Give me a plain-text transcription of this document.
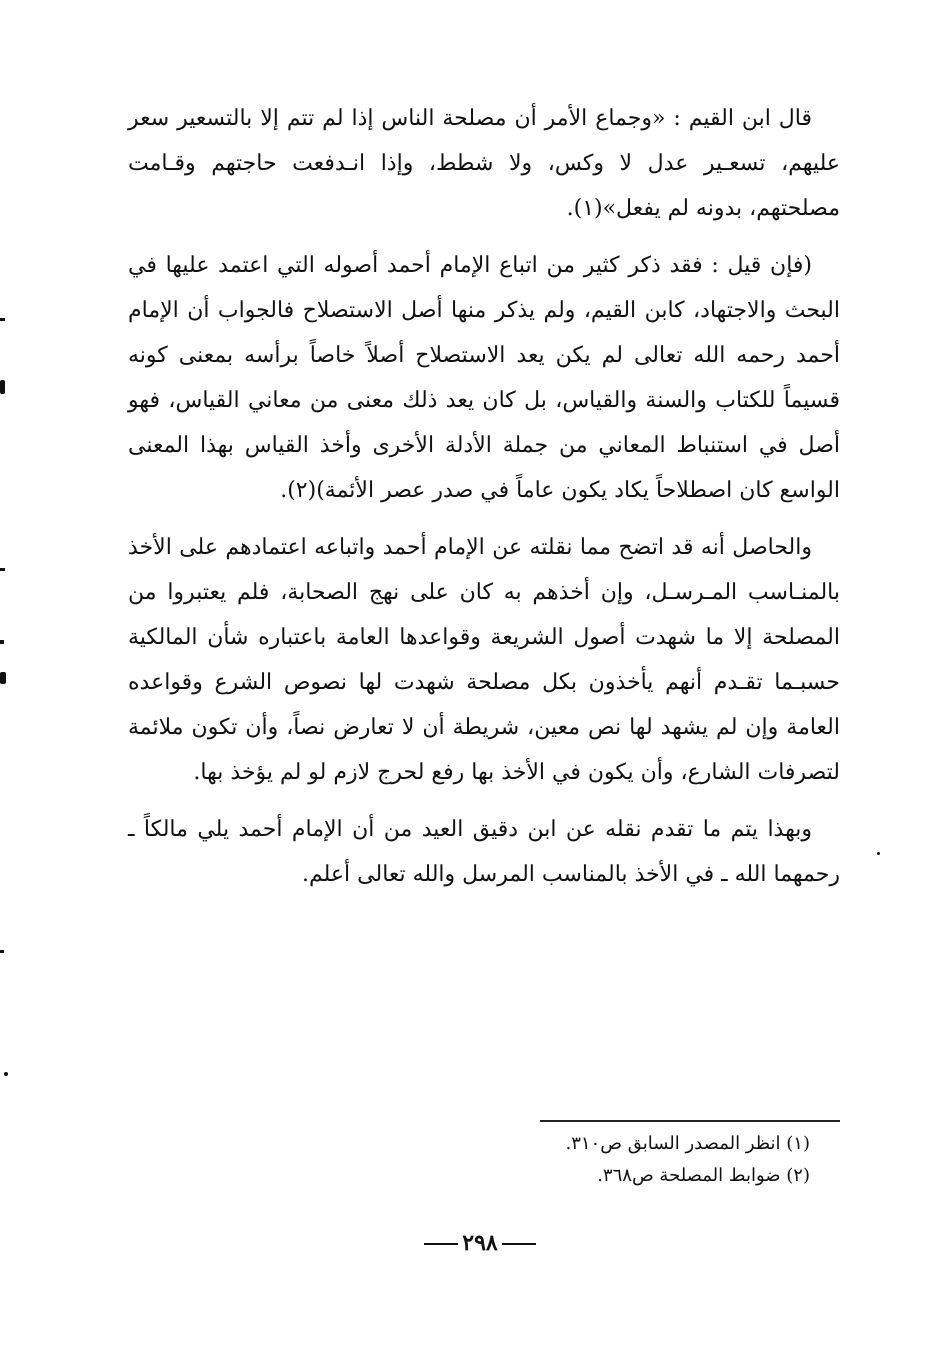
قال ابن القيم : «وجماع الأمر أن مصلحة الناس إذا لم تتم إلا بالتسعير سعر عليهم، تسعـير عدل لا وكس، ولا شطط، وإذا انـدفعت حاجتهم وقـامت مصلحتهم، بدونه لم يفعل»(١).

(فإن قيل : فقد ذكر كثير من اتباع الإمام أحمد أصوله التي اعتمد عليها في البحث والاجتهاد، كابن القيم، ولم يذكر منها أصل الاستصلاح فالجواب أن الإمام أحمد رحمه الله تعالى لم يكن يعد الاستصلاح أصلاً خاصاً برأسه بمعنى كونه قسيماً للكتاب والسنة والقياس، بل كان يعد ذلك معنى من معاني القياس، فهو أصل في استنباط المعاني من جملة الأدلة الأخرى وأخذ القياس بهذا المعنى الواسع كان اصطلاحاً يكاد يكون عاماً في صدر عصر الأئمة)(٢).

والحاصل أنه قد اتضح مما نقلته عن الإمام أحمد واتباعه اعتمادهم على الأخذ بالمنـاسب المـرسـل، وإن أخذهم به كان على نهج الصحابة، فلم يعتبروا من المصلحة إلا ما شهدت أصول الشريعة وقواعدها العامة باعتباره شأن المالكية حسبـما تقـدم أنهم يأخذون بكل مصلحة شهدت لها نصوص الشرع وقواعده العامة وإن لم يشهد لها نص معين، شريطة أن لا تعارض نصاً، وأن تكون ملائمة لتصرفات الشارع، وأن يكون في الأخذ بها رفع لحرج لازم لو لم يؤخذ بها.

وبهذا يتم ما تقدم نقله عن ابن دقيق العيد من أن الإمام أحمد يلي مالكاً ـ رحمهما الله ـ في الأخذ بالمناسب المرسل والله تعالى أعلم.

(١) انظر المصدر السابق ص٣١٠.

(٢) ضوابط المصلحة ص٣٦٨.

٢٩٨
